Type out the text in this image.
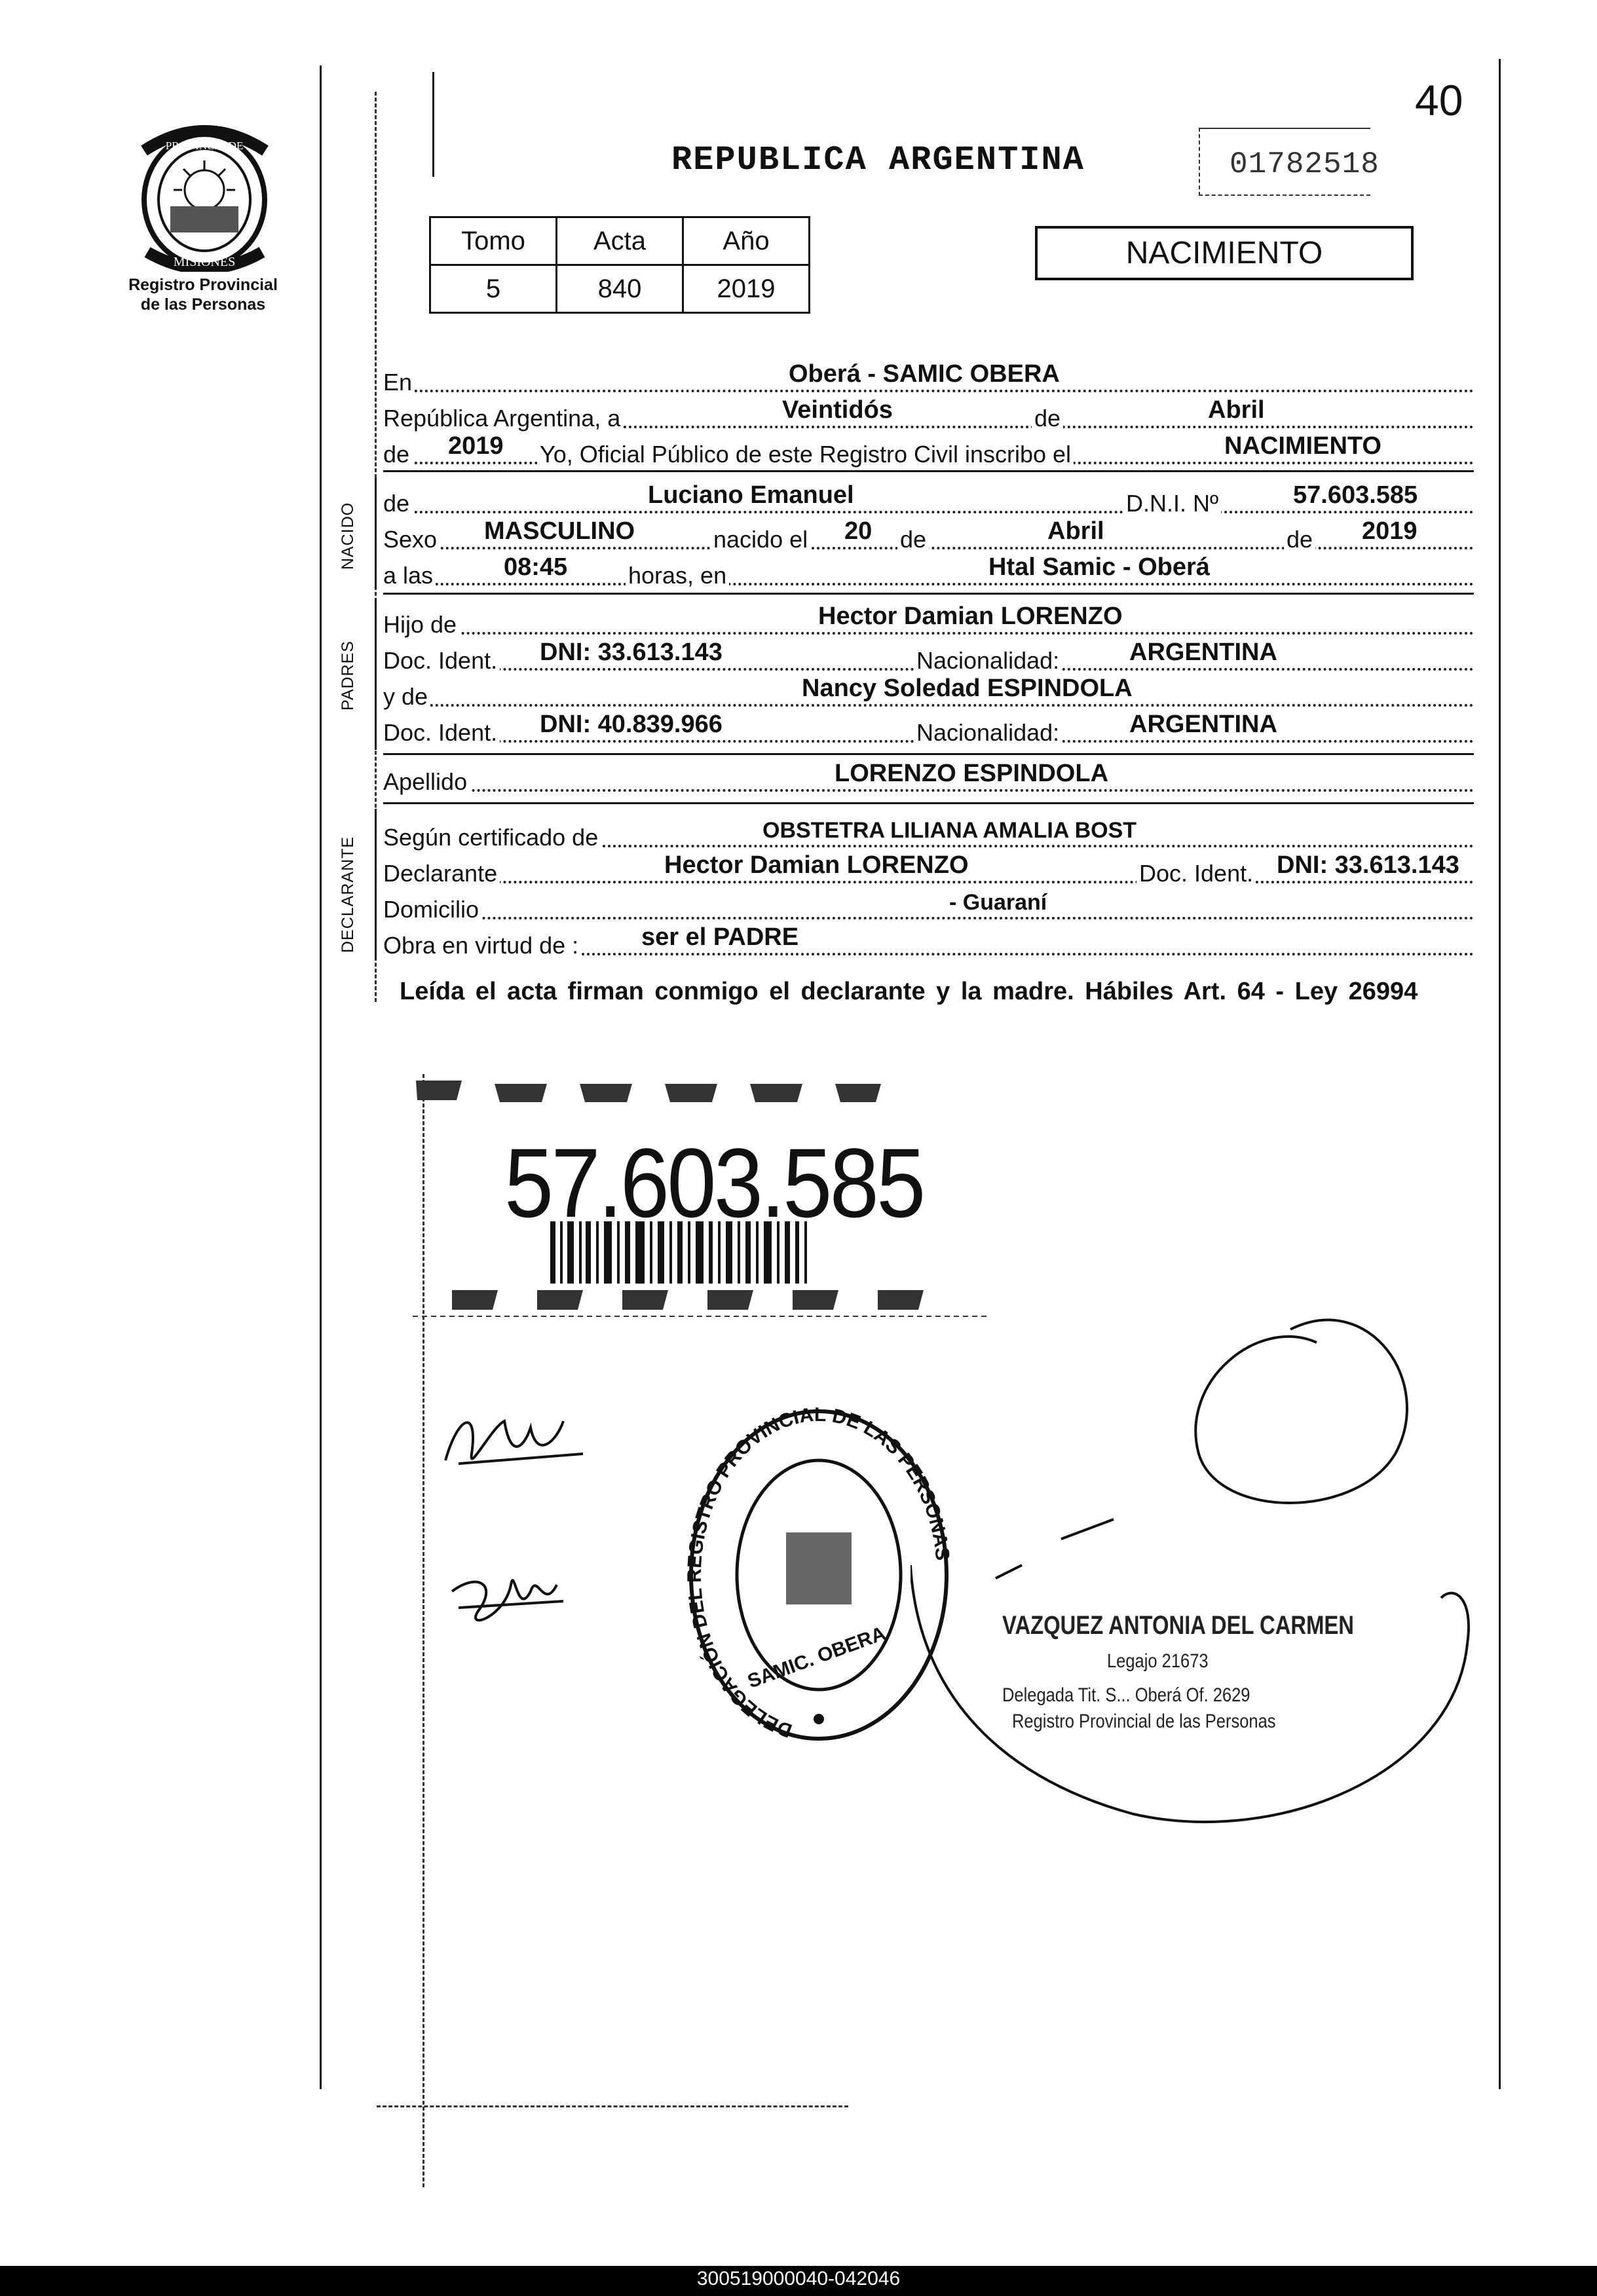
PROVINCIA DE
MISIONES
Registro Provincial
de las Personas
40
REPUBLICA ARGENTINA	01782518
Tomo	Acta	Año
5	840	2019
NACIMIENTO
En	Oberá - SAMIC OBERA
República Argentina, a	Veintidós	de	Abril
de 2019 Yo, Oficial Público de este Registro Civil inscribo el	NACIMIENTO
NACIDO de	Luciano Emanuel	D.N.I. Nº	57.603.585
Sexo MASCULINO	nacido el 20 de	Abril	de 2019
a las	08:45	horas, en	Htal Samic - Oberá
PADRES
Hijo de	Hector Damian LORENZO
Doc. Ident. DNI: 33.613.143	Nacionalidad:	ARGENTINA
y de	Nancy Soledad ESPINDOLA
Doc. Ident. DNI: 40.839.966	Nacionalidad:	ARGENTINA
Apellido	LORENZO ESPINDOLA
DECLARANTE Según certificado de	OBSTETRA LILIANA AMALIA BOST
Declarante	Hector Damian LORENZO	Doc. Ident. DNI: 33.613.143
Domicilio	- Guaraní
Obra en virtud de :	ser el PADRE
Leída el acta firman conmigo el declarante y la madre. Hábiles Art. 64 - Ley 26994
57.603.585
DELEGACIÓN DEL REGISTRO PROVINCIAL DE LAS PERSONAS
SAMIC. OBERA	VAZQUEZ ANTONIA DEL CARMEN
Legajo 21673
Delegada Tit. S... Oberá Of. 2629
Registro Provincial de las Personas
300519000040-042046
